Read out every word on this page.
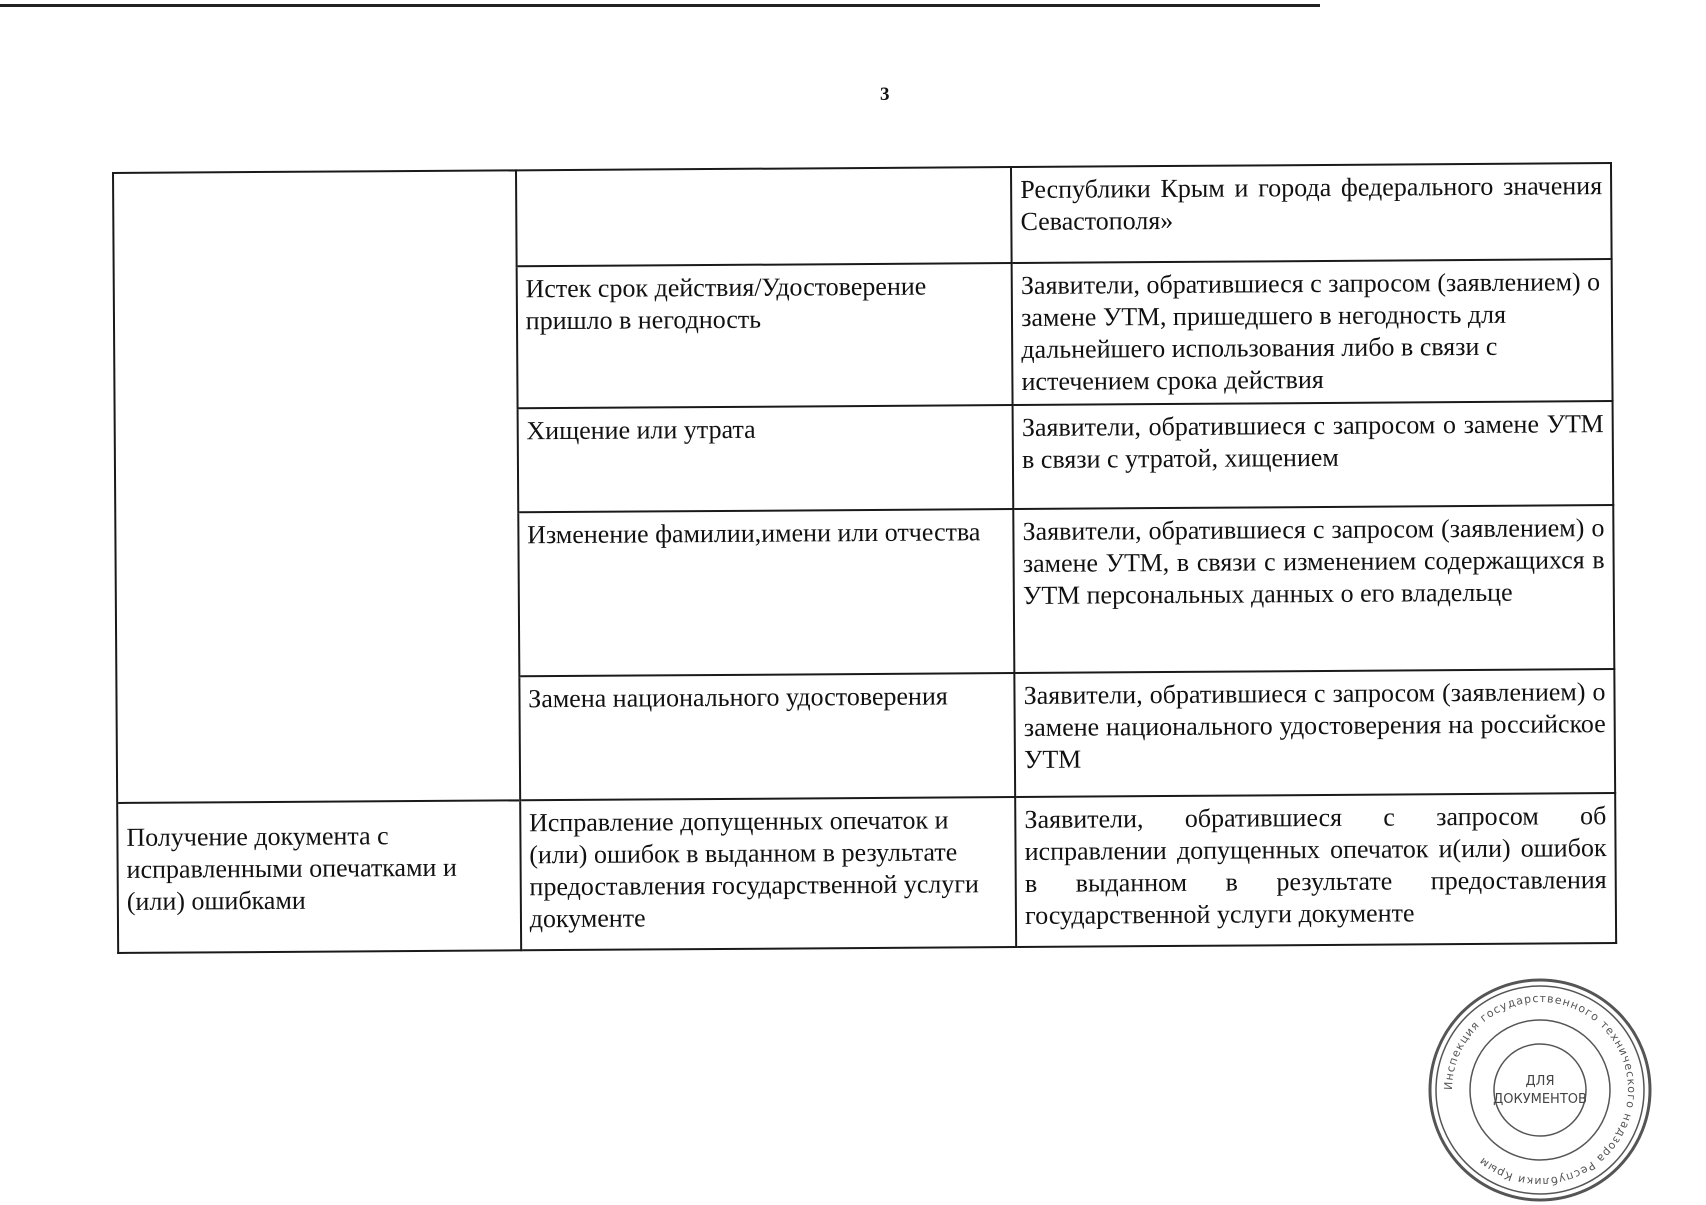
3
		Республики Крым и города федерального значения Севастополя»
	Истек срок действия/Удостоверение пришло в негодность	Заявители, обратившиеся с запросом (заявлением) о замене УТМ, пришедшего в негодность для дальнейшего использования либо в связи с истечением срока действия
	Хищение или утрата	Заявители, обратившиеся с запросом о замене УТМ в связи с утратой, хищением
	Изменение фамилии,имени или отчества	Заявители, обратившиеся с запросом (заявлением) о замене УТМ, в связи с изменением содержащихся в УТМ персональных данных о его владельце
	Замена национального удостоверения	Заявители, обратившиеся с запросом (заявлением) о замене национального удостоверения на российское УТМ
Получение документа с исправленными опечатками и (или) ошибками	Исправление допущенных опечаток и (или) ошибок в выданном в результате предоставления государственной услуги документе	Заявители, обратившиеся с запросом об исправлении допущенных опечаток и(или) ошибок в выданном в результате предоставления государственной услуги документе
Инспекция государственного технического надзора Республики Крым
ДЛЯ
ДОКУМЕНТОВ
